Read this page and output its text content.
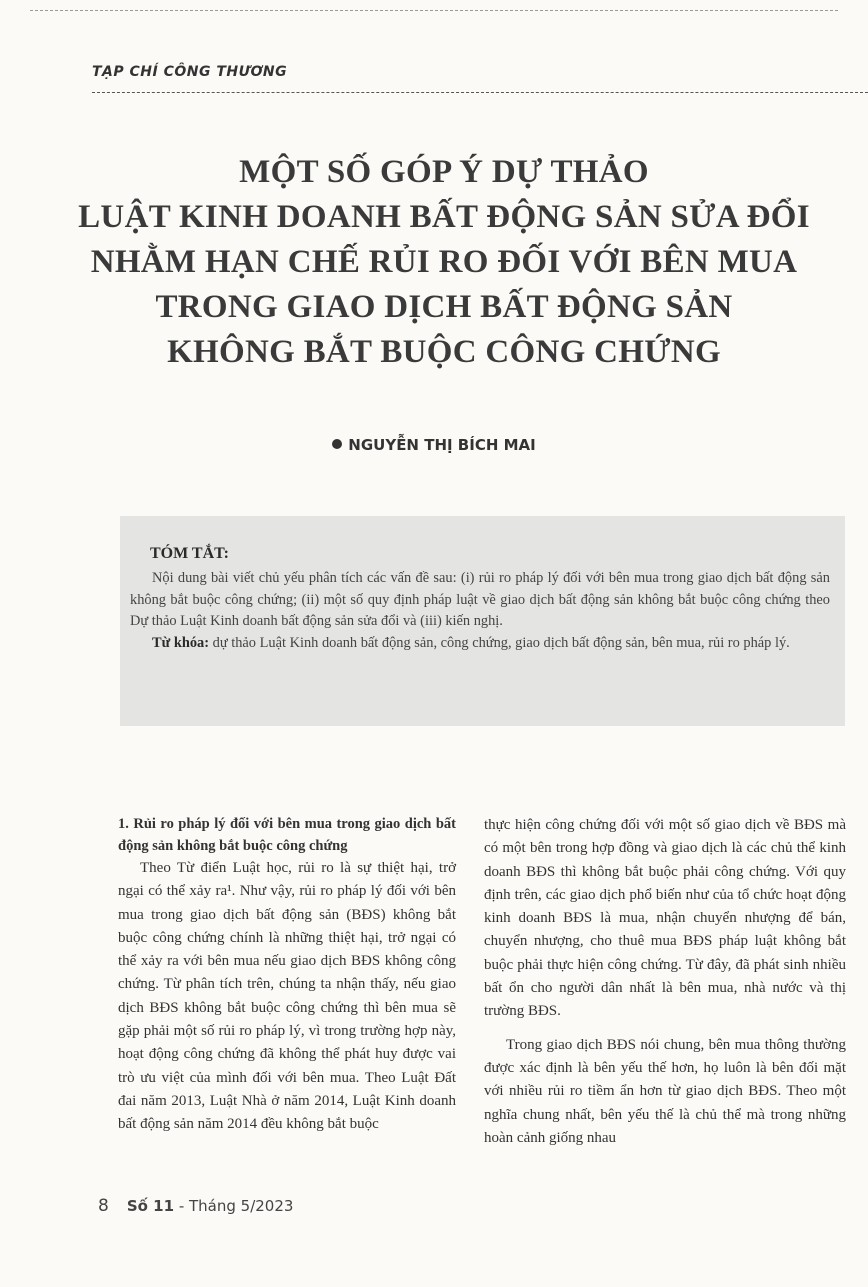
TẠP CHÍ CÔNG THƯƠNG
MỘT SỐ GÓP Ý DỰ THẢO
LUẬT KINH DOANH BẤT ĐỘNG SẢN SỬA ĐỔI
NHẰM HẠN CHẾ RỦI RO ĐỐI VỚI BÊN MUA
TRONG GIAO DỊCH BẤT ĐỘNG SẢN
KHÔNG BẮT BUỘC CÔNG CHỨNG
NGUYỄN THỊ BÍCH MAI
TÓM TẮT:

Nội dung bài viết chủ yếu phân tích các vấn đề sau: (i) rủi ro pháp lý đối với bên mua trong giao dịch bất động sản không bắt buộc công chứng; (ii) một số quy định pháp luật về giao dịch bất động sản không bắt buộc công chứng theo Dự thảo Luật Kinh doanh bất động sản sửa đổi và (iii) kiến nghị.

Từ khóa: dự thảo Luật Kinh doanh bất động sản, công chứng, giao dịch bất động sản, bên mua, rủi ro pháp lý.

1. Rủi ro pháp lý đối với bên mua trong giao dịch bất động sản không bắt buộc công chứng

Theo Từ điển Luật học, rủi ro là sự thiệt hại, trở ngại có thể xảy ra¹. Như vậy, rủi ro pháp lý đối với bên mua trong giao dịch bất động sản (BĐS) không bắt buộc công chứng chính là những thiệt hại, trở ngại có thể xảy ra với bên mua nếu giao dịch BĐS không công chứng. Từ phân tích trên, chúng ta nhận thấy, nếu giao dịch BĐS không bắt buộc công chứng thì bên mua sẽ gặp phải một số rủi ro pháp lý, vì trong trường hợp này, hoạt động công chứng đã không thể phát huy được vai trò ưu việt của mình đối với bên mua. Theo Luật Đất đai năm 2013, Luật Nhà ở năm 2014, Luật Kinh doanh bất động sản năm 2014 đều không bắt buộc

thực hiện công chứng đối với một số giao dịch về BĐS mà có một bên trong hợp đồng và giao dịch là các chủ thể kinh doanh BĐS thì không bắt buộc phải công chứng. Với quy định trên, các giao dịch phổ biến như của tổ chức hoạt động kinh doanh BĐS là mua, nhận chuyển nhượng để bán, chuyển nhượng, cho thuê mua BĐS pháp luật không bắt buộc phải thực hiện công chứng. Từ đây, đã phát sinh nhiều bất ổn cho người dân nhất là bên mua, nhà nước và thị trường BĐS.

Trong giao dịch BĐS nói chung, bên mua thông thường được xác định là bên yếu thế hơn, họ luôn là bên đối mặt với nhiều rủi ro tiềm ẩn hơn từ giao dịch BĐS. Theo một nghĩa chung nhất, bên yếu thế là chủ thể mà trong những hoàn cảnh giống nhau

8 Số 11 - Tháng 5/2023
